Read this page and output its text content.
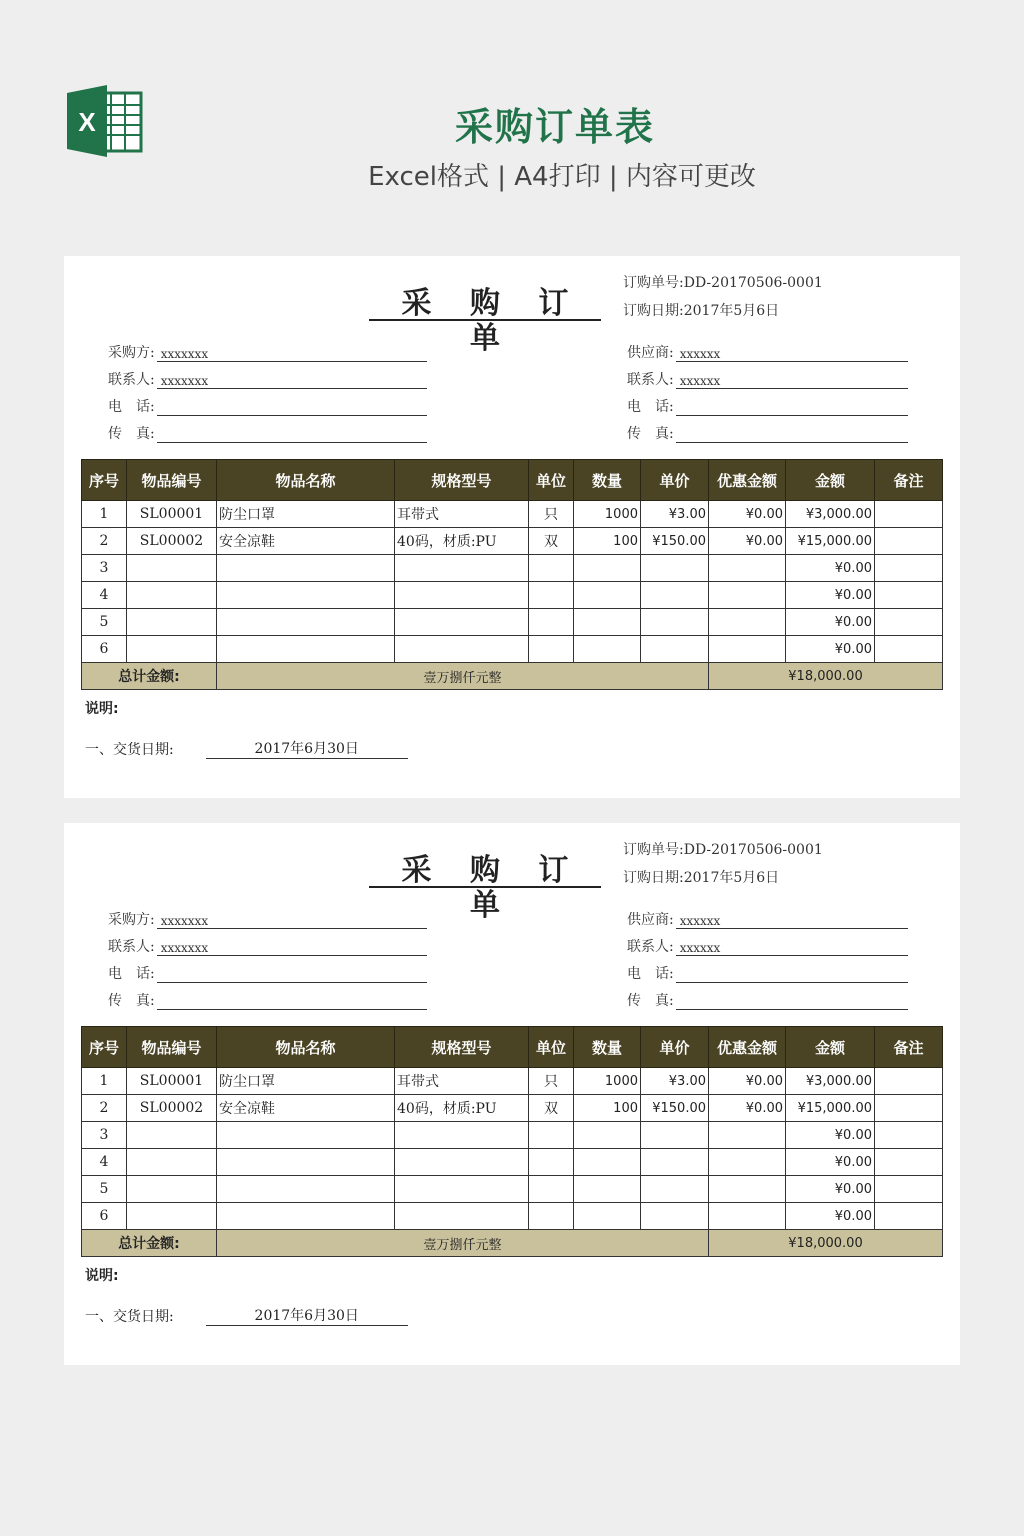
X	采购订单表
Excel格式 | A4打印 | 内容可更改
采 购 订 单
订购单号:DD-20170506-0001
订购日期:2017年5月6日
采购方: xxxxxxx
联系人: xxxxxxx
电　话:
传　真:
供应商: xxxxxx
联系人: xxxxxx
电　话:
传　真:
序号	物品编号	物品名称	规格型号	单位	数量	单价	优惠金额	金额	备注
1	SL00001	防尘口罩	耳带式	只	1000	¥3.00	¥0.00	¥3,000.00	
2	SL00002	安全凉鞋	40码，材质:PU	双	100	¥150.00	¥0.00	¥15,000.00	
3								¥0.00	
4								¥0.00	
5								¥0.00	
6								¥0.00	
总计金额:		壹万捌仟元整					¥18,000.00		
说明:
一、交货日期:	2017年6月30日
采 购 订 单
订购单号:DD-20170506-0001
订购日期:2017年5月6日
采购方: xxxxxxx
联系人: xxxxxxx
电　话:
传　真:
供应商: xxxxxx
联系人: xxxxxx
电　话:
传　真:
序号	物品编号	物品名称	规格型号	单位	数量	单价	优惠金额	金额	备注
1	SL00001	防尘口罩	耳带式	只	1000	¥3.00	¥0.00	¥3,000.00	
2	SL00002	安全凉鞋	40码，材质:PU	双	100	¥150.00	¥0.00	¥15,000.00	
3								¥0.00	
4								¥0.00	
5								¥0.00	
6								¥0.00	
总计金额:		壹万捌仟元整					¥18,000.00		
说明:
一、交货日期:	2017年6月30日
